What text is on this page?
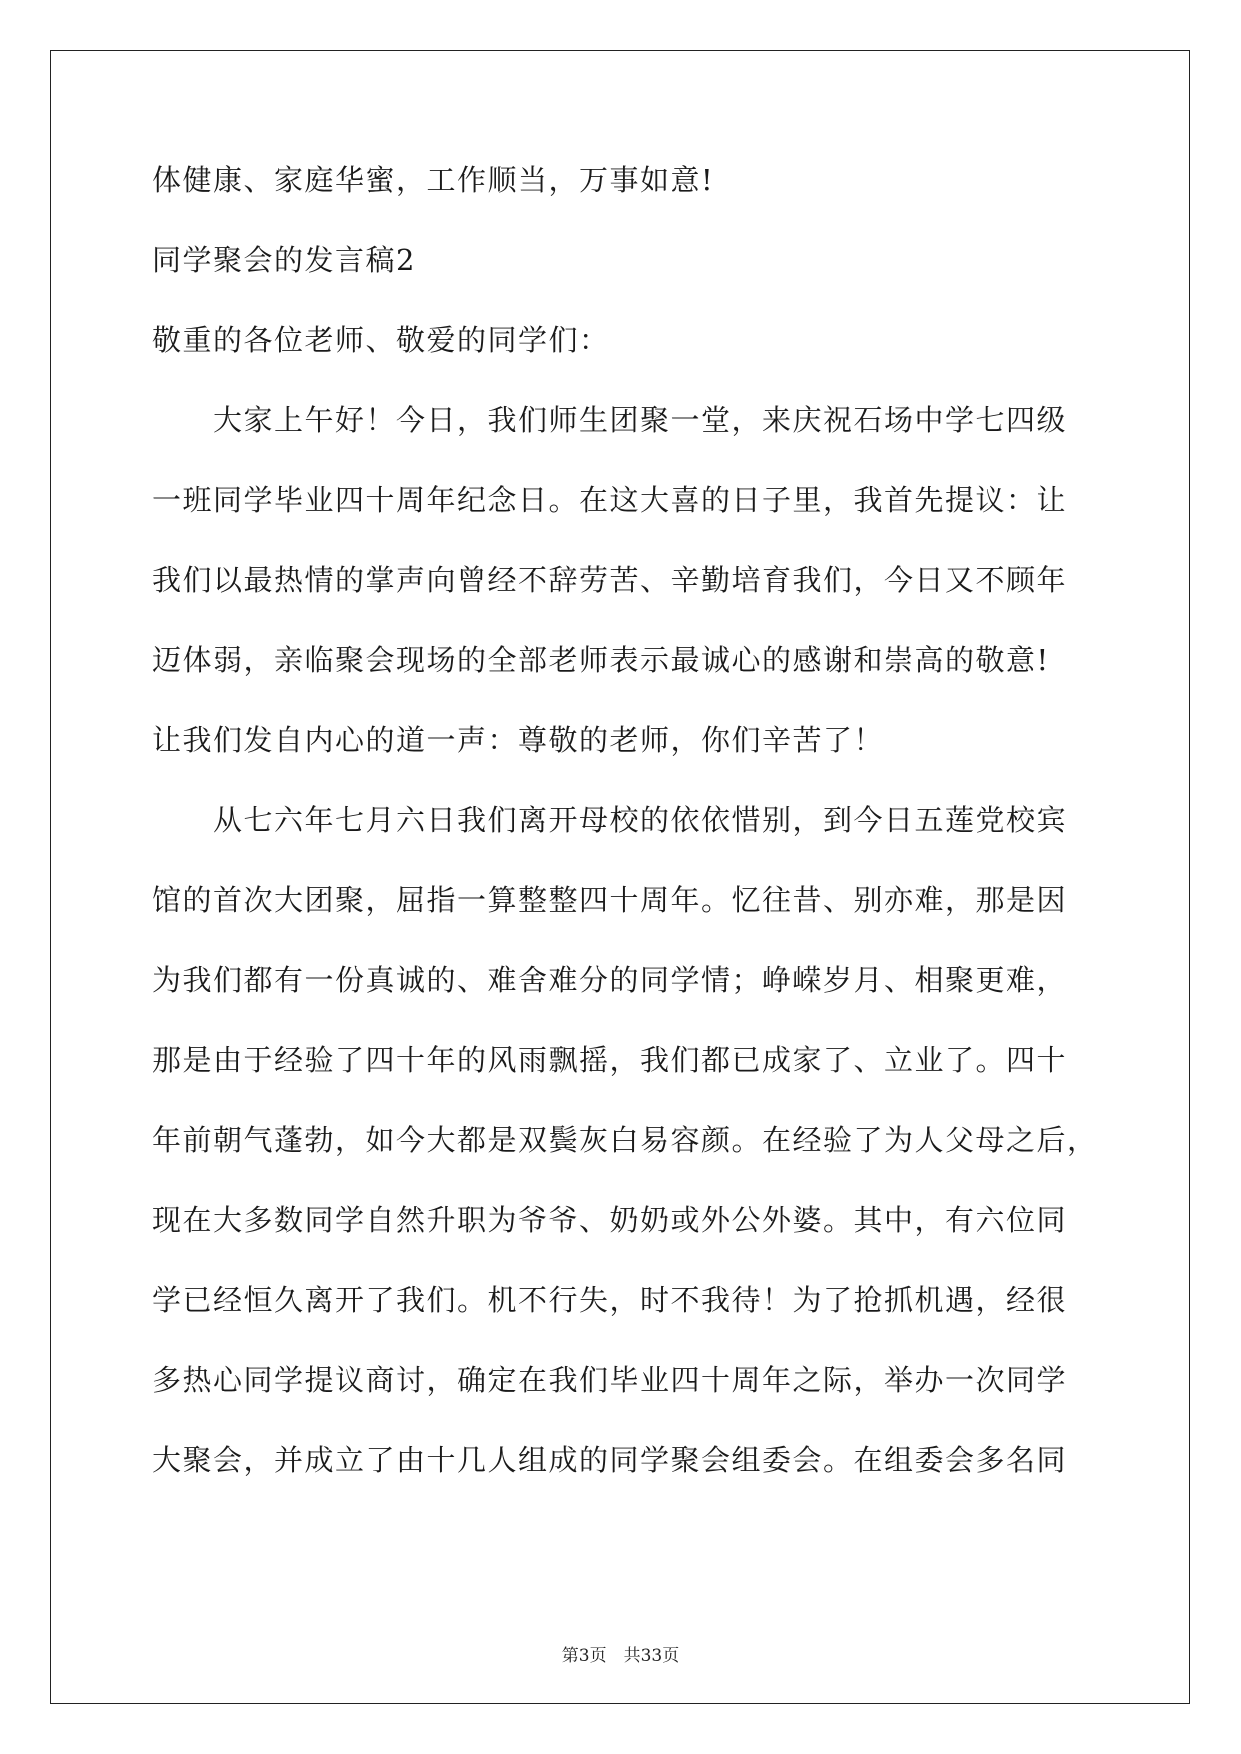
体健康、家庭华蜜，工作顺当，万事如意!
同学聚会的发言稿2
敬重的各位老师、敬爱的同学们：
　　大家上午好！今日，我们师生团聚一堂，来庆祝石场中学七四级
一班同学毕业四十周年纪念日。在这大喜的日子里，我首先提议：让
我们以最热情的掌声向曾经不辞劳苦、辛勤培育我们，今日又不顾年
迈体弱，亲临聚会现场的全部老师表示最诚心的感谢和崇高的敬意!
让我们发自内心的道一声：尊敬的老师，你们辛苦了！
　　从七六年七月六日我们离开母校的依依惜别，到今日五莲党校宾
馆的首次大团聚，屈指一算整整四十周年。忆往昔、别亦难，那是因
为我们都有一份真诚的、难舍难分的同学情；峥嵘岁月、相聚更难，
那是由于经验了四十年的风雨飘摇，我们都已成家了、立业了。四十
年前朝气蓬勃，如今大都是双鬓灰白易容颜。在经验了为人父母之后，
现在大多数同学自然升职为爷爷、奶奶或外公外婆。其中，有六位同
学已经恒久离开了我们。机不行失，时不我待！为了抢抓机遇，经很
多热心同学提议商讨，确定在我们毕业四十周年之际，举办一次同学
大聚会，并成立了由十几人组成的同学聚会组委会。在组委会多名同
第3页　共33页
